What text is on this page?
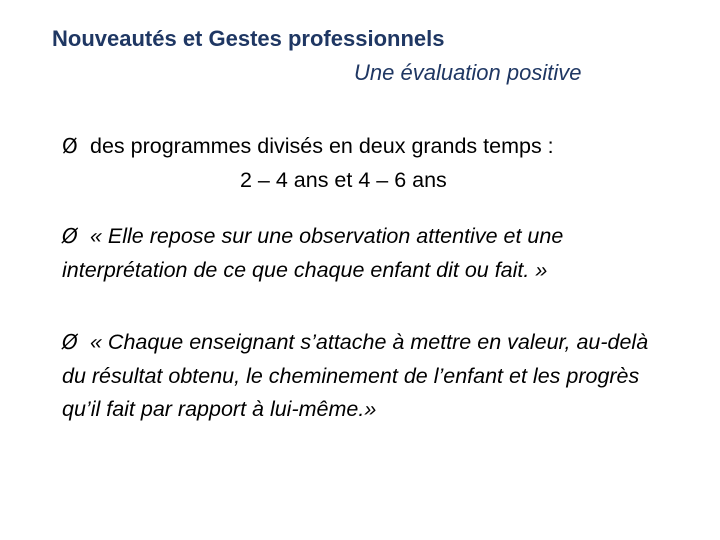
Nouveautés et Gestes professionnels
Une évaluation positive
Ø des programmes divisés en deux grands temps :
2 – 4 ans et 4 – 6 ans
Ø « Elle repose sur une observation attentive et une interprétation de ce que chaque enfant dit ou fait. »
Ø « Chaque enseignant s’attache à mettre en valeur, au-delà du résultat obtenu, le cheminement de l’enfant et les progrès qu’il fait par rapport à lui-même.»
